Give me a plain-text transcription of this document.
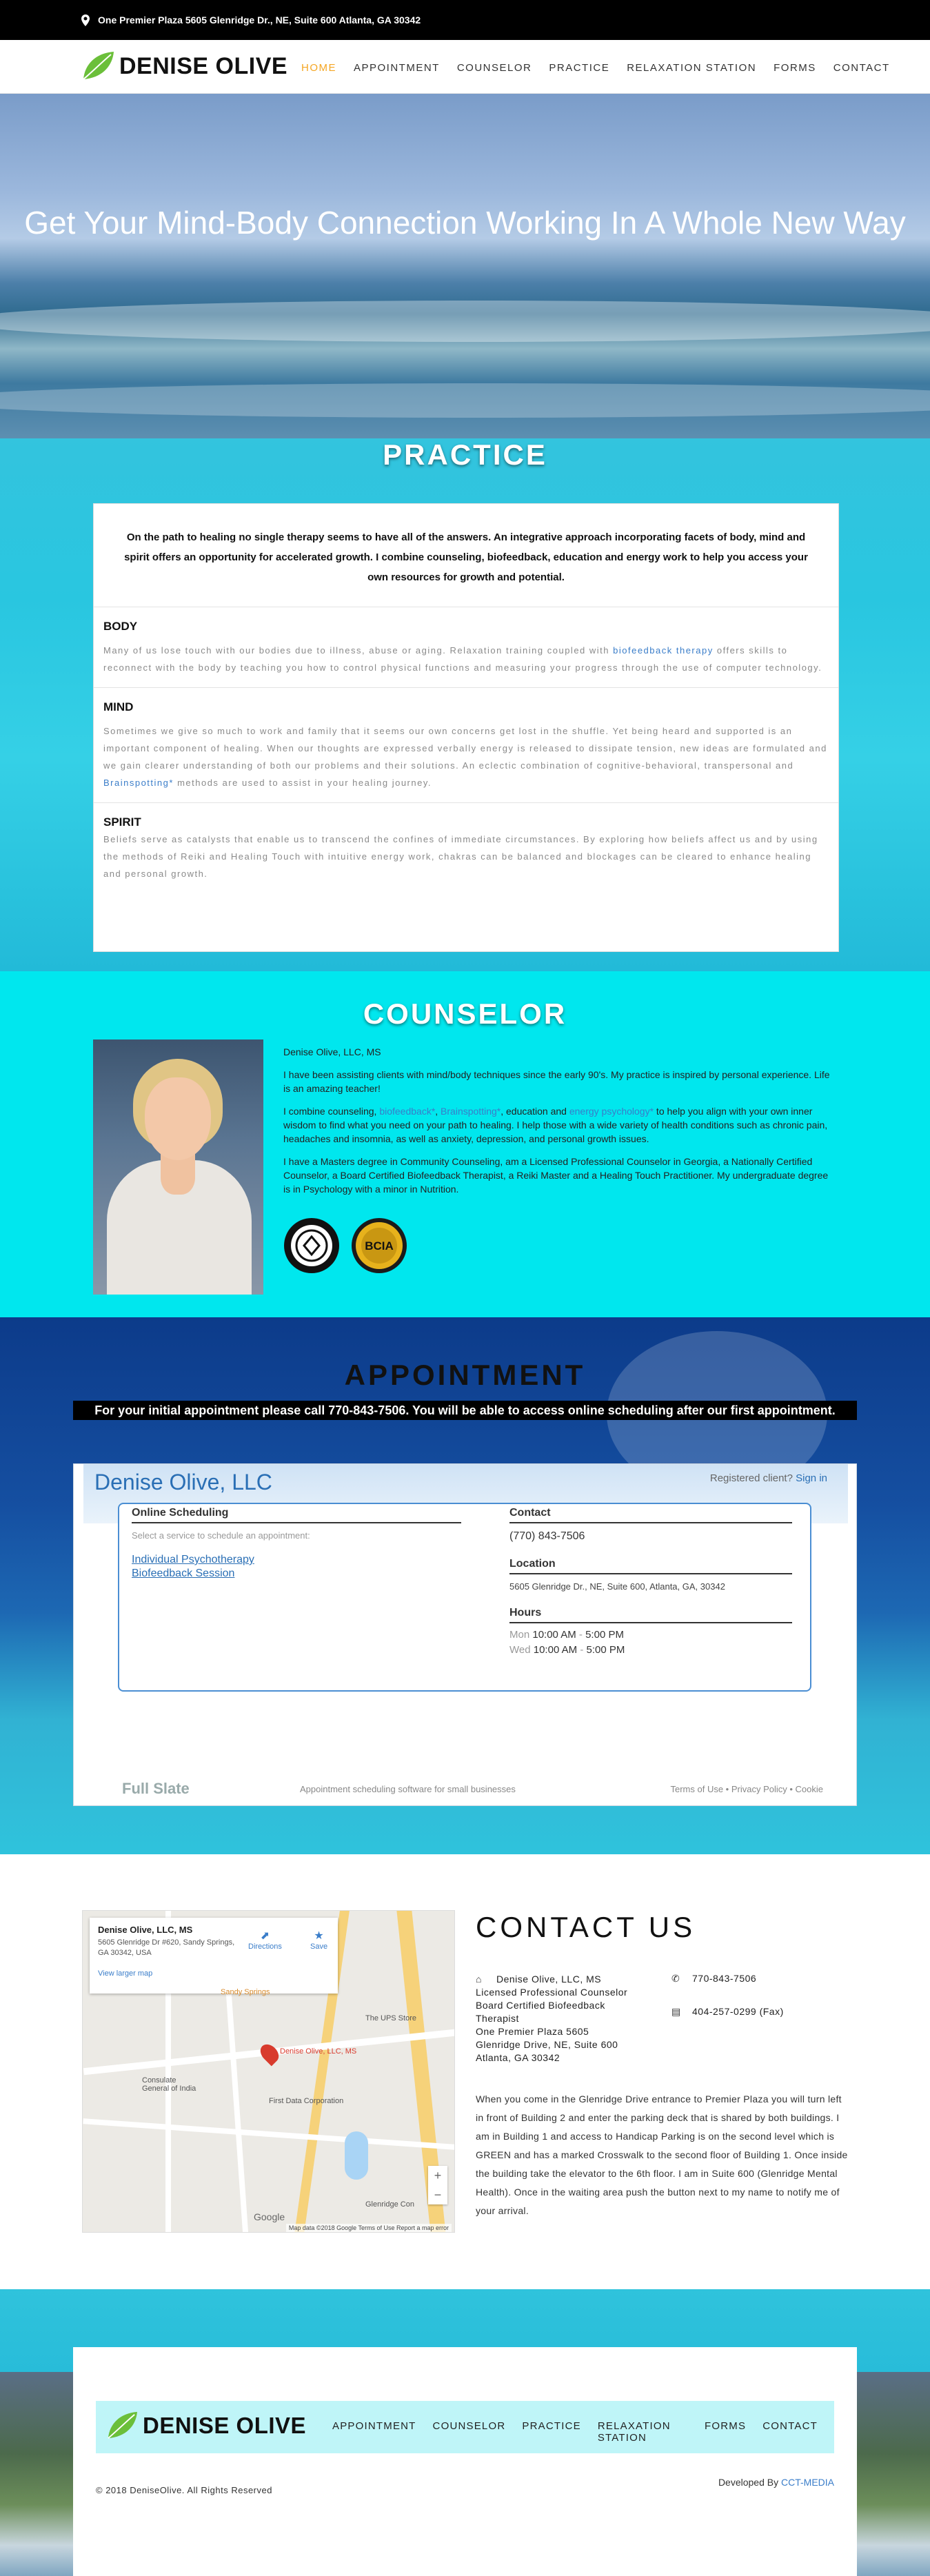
One Premier Plaza 5605 Glenridge Dr., NE, Suite 600 Atlanta, GA 30342
DENISE OLIVE HOME APPOINTMENT COUNSELOR PRACTICE RELAXATION STATION FORMS CONTACT
Get Your Mind-Body Connection Working In A Whole New Way
PRACTICE
On the path to healing no single therapy seems to have all of the answers. An integrative approach incorporating facets of body, mind and spirit offers an opportunity for accelerated growth. I combine counseling, biofeedback, education and energy work to help you access your own resources for growth and potential.
BODY

Many of us lose touch with our bodies due to illness, abuse or aging. Relaxation training coupled with biofeedback therapy offers skills to reconnect with the body by teaching you how to control physical functions and measuring your progress through the use of computer technology.

MIND

Sometimes we give so much to work and family that it seems our own concerns get lost in the shuffle. Yet being heard and supported is an important component of healing. When our thoughts are expressed verbally energy is released to dissipate tension, new ideas are formulated and we gain clearer understanding of both our problems and their solutions. An eclectic combination of cognitive-behavioral, transpersonal and Brainspotting* methods are used to assist in your healing journey.

SPIRIT

Beliefs serve as catalysts that enable us to transcend the confines of immediate circumstances. By exploring how beliefs affect us and by using the methods of Reiki and Healing Touch with intuitive energy work, chakras can be balanced and blockages can be cleared to enhance healing and personal growth.

COUNSELOR

Denise Olive, LLC, MS

I have been assisting clients with mind/body techniques since the early 90's. My practice is inspired by personal experience. Life is an amazing teacher!

I combine counseling, biofeedback*, Brainspotting*, education and energy psychology* to help you align with your own inner wisdom to find what you need on your path to healing. I help those with a wide variety of health conditions such as chronic pain, headaches and insomnia, as well as anxiety, depression, and personal growth issues.

I have a Masters degree in Community Counseling, am a Licensed Professional Counselor in Georgia, a Nationally Certified Counselor, a Board Certified Biofeedback Therapist, a Reiki Master and a Healing Touch Practitioner. My undergraduate degree is in Psychology with a minor in Nutrition.

BCIA
APPOINTMENT
For your initial appointment please call 770-843-7506. You will be able to access online scheduling after our first appointment.
Denise Olive, LLC	Registered client? Sign in
Online Scheduling
Select a service to schedule an appointment:
Individual Psychotherapy
Biofeedback Session
Contact
(770) 843-7506
Location
5605 Glenridge Dr., NE, Suite 600, Atlanta, GA, 30342
Hours
Mon 10:00 AM - 5:00 PM
Wed 10:00 AM - 5:00 PM
Full Slate	Appointment scheduling software for small businesses	Terms of Use • Privacy Policy • Cookie
Denise Olive, LLC, MS
5605 Glenridge Dr #620, Sandy Springs, GA 30342, USA
View larger map
⬈
Directions
★
Save
Sandy Springs
The UPS Store
Consulate General of India
First Data Corporation
Glenridge Con
Denise Olive, LLC, MS
+
−
Google
Map data ©2018 Google Terms of Use Report a map error
CONTACT US
⌂ Denise Olive, LLC, MS
Licensed Professional Counselor
Board Certified Biofeedback Therapist
One Premier Plaza 5605
Glenridge Drive, NE, Suite 600
Atlanta, GA 30342
✆ 770-843-7506
▤ 404-257-0299 (Fax)
When you come in the Glenridge Drive entrance to Premier Plaza you will turn left in front of Building 2 and enter the parking deck that is shared by both buildings. I am in Building 1 and access to Handicap Parking is on the second level which is GREEN and has a marked Crosswalk to the second floor of Building 1. Once inside the building take the elevator to the 6th floor. I am in Suite 600 (Glenridge Mental Health). Once in the waiting area push the button next to my name to notify me of your arrival.
DENISE OLIVE	APPOINTMENT COUNSELOR PRACTICE RELAXATION STATION
FORMS CONTACT
© 2018 DeniseOlive. All Rights Reserved
Developed By CCT-MEDIA
